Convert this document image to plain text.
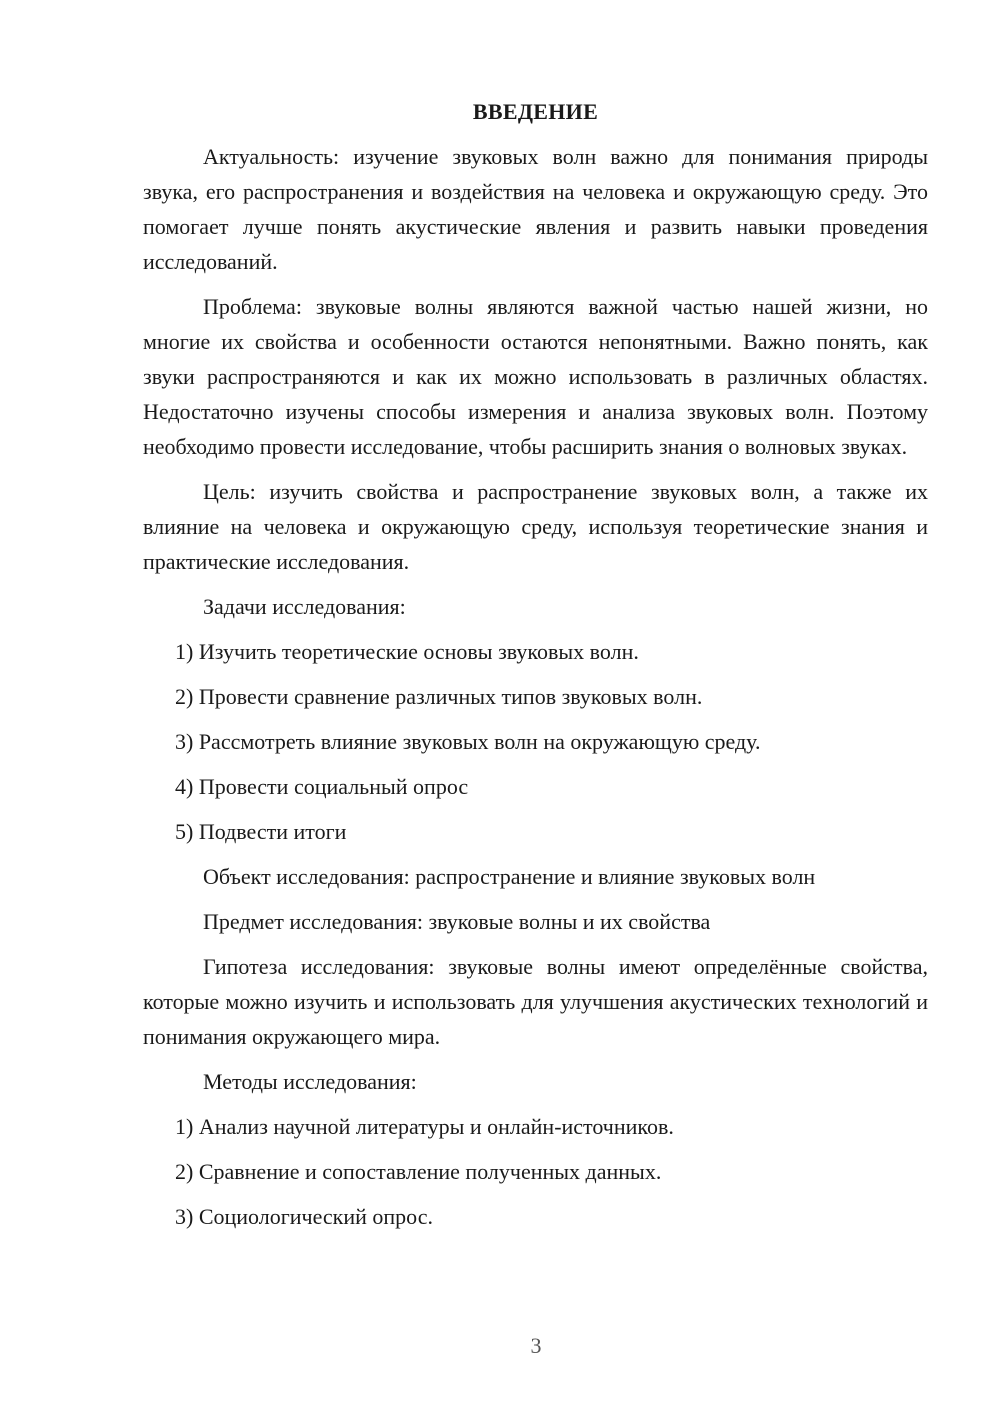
ВВЕДЕНИЕ

Актуальность: изучение звуковых волн важно для понимания природы звука, его распространения и воздействия на человека и окружающую среду. Это помогает лучше понять акустические явления и развить навыки проведения исследований.

Проблема: звуковые волны являются важной частью нашей жизни, но многие их свойства и особенности остаются непонятными. Важно понять, как звуки распространяются и как их можно использовать в различных областях. Недостаточно изучены способы измерения и анализа звуковых волн. Поэтому необходимо провести исследование, чтобы расширить знания о волновых звуках.

Цель: изучить свойства и распространение звуковых волн, а также их влияние на человека и окружающую среду, используя теоретические знания и практические исследования.

Задачи исследования:

1) Изучить теоретические основы звуковых волн.

2) Провести сравнение различных типов звуковых волн.

3) Рассмотреть влияние звуковых волн на окружающую среду.

4) Провести социальный опрос

5) Подвести итоги

Объект исследования: распространение и влияние звуковых волн

Предмет исследования: звуковые волны и их свойства

Гипотеза исследования: звуковые волны имеют определённые свойства, которые можно изучить и использовать для улучшения акустических технологий и понимания окружающего мира.

Методы исследования:

1) Анализ научной литературы и онлайн-источников.

2) Сравнение и сопоставление полученных данных.

3) Социологический опрос.

3
